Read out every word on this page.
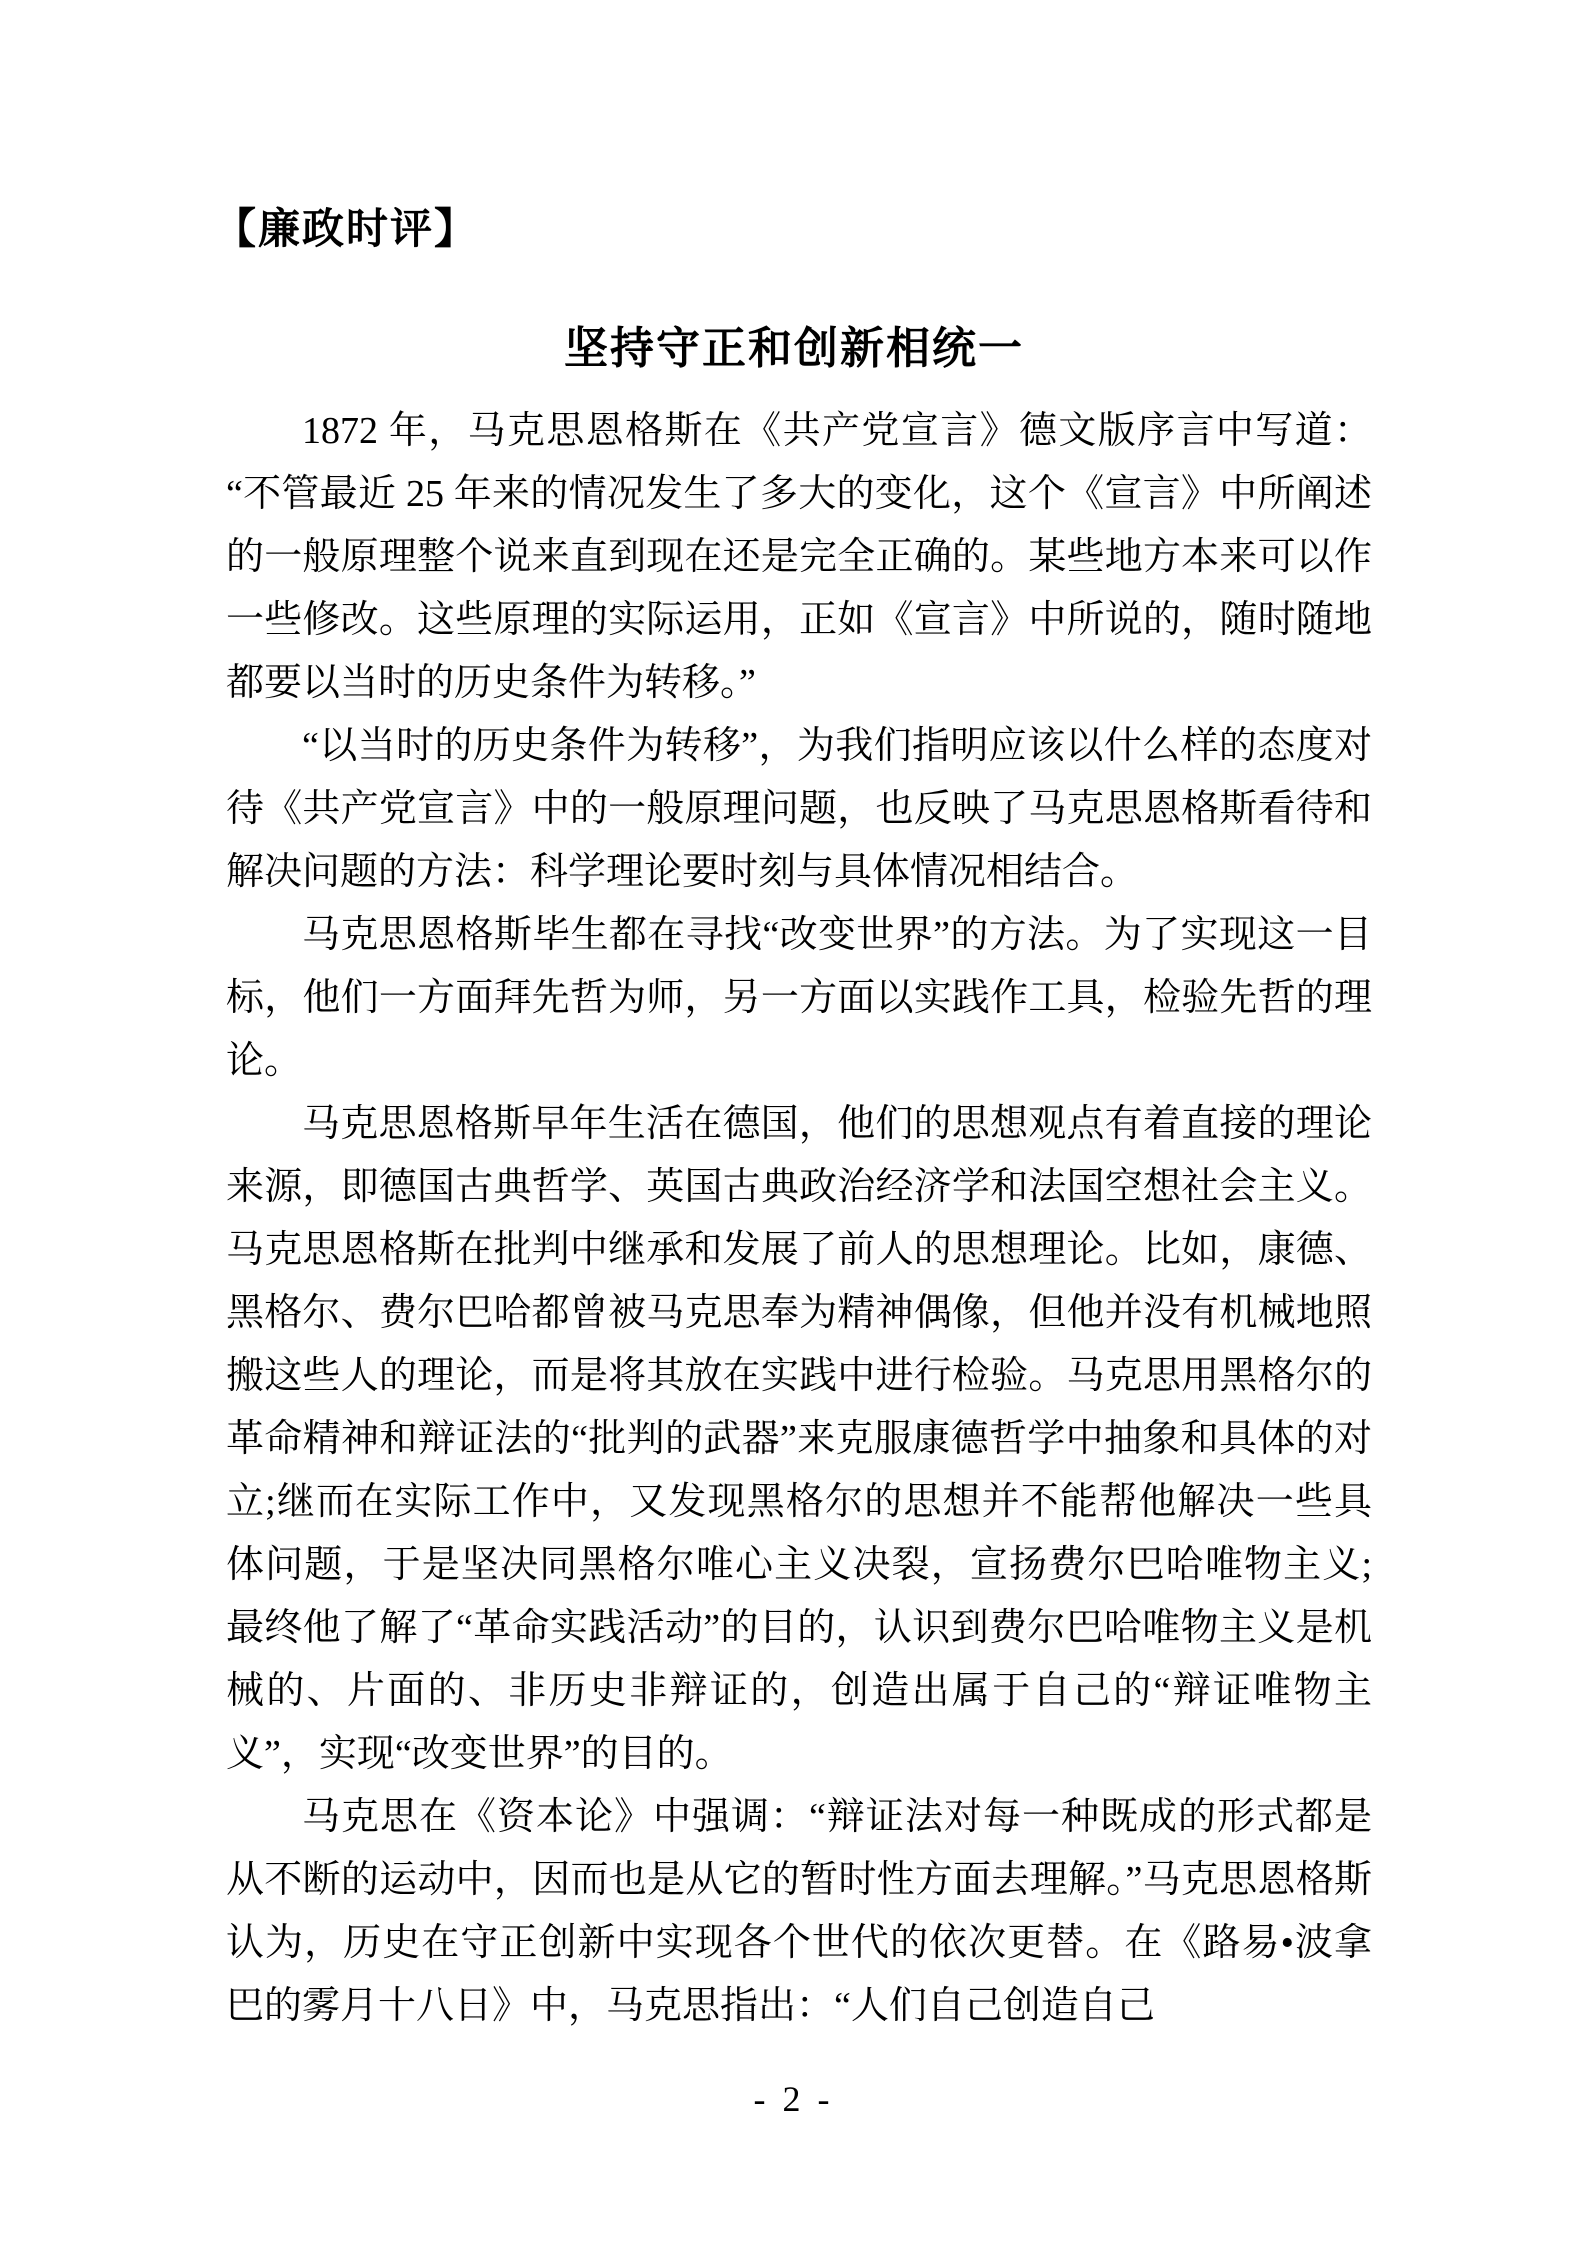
【廉政时评】
坚持守正和创新相统一

1872 年，马克思恩格斯在《共产党宣言》德文版序言中写道：“不管最近 25 年来的情况发生了多大的变化，这个《宣言》中所阐述的一般原理整个说来直到现在还是完全正确的。某些地方本来可以作一些修改。这些原理的实际运用，正如《宣言》中所说的，随时随地都要以当时的历史条件为转移。”

“以当时的历史条件为转移”，为我们指明应该以什么样的态度对待《共产党宣言》中的一般原理问题，也反映了马克思恩格斯看待和解决问题的方法：科学理论要时刻与具体情况相结合。

马克思恩格斯毕生都在寻找“改变世界”的方法。为了实现这一目标，他们一方面拜先哲为师，另一方面以实践作工具，检验先哲的理论。

马克思恩格斯早年生活在德国，他们的思想观点有着直接的理论来源，即德国古典哲学、英国古典政治经济学和法国空想社会主义。马克思恩格斯在批判中继承和发展了前人的思想理论。比如，康德、黑格尔、费尔巴哈都曾被马克思奉为精神偶像，但他并没有机械地照搬这些人的理论，而是将其放在实践中进行检验。马克思用黑格尔的革命精神和辩证法的“批判的武器”来克服康德哲学中抽象和具体的对立;继而在实际工作中，又发现黑格尔的思想并不能帮他解决一些具体问题，于是坚决同黑格尔唯心主义决裂，宣扬费尔巴哈唯物主义;最终他了解了“革命实践活动”的目的，认识到费尔巴哈唯物主义是机械的、片面的、非历史非辩证的，创造出属于自己的“辩证唯物主义”，实现“改变世界”的目的。

马克思在《资本论》中强调：“辩证法对每一种既成的形式都是从不断的运动中，因而也是从它的暂时性方面去理解。”马克思恩格斯认为，历史在守正创新中实现各个世代的依次更替。在《路易•波拿巴的雾月十八日》中，马克思指出：“人们自己创造自己

- 2 -
